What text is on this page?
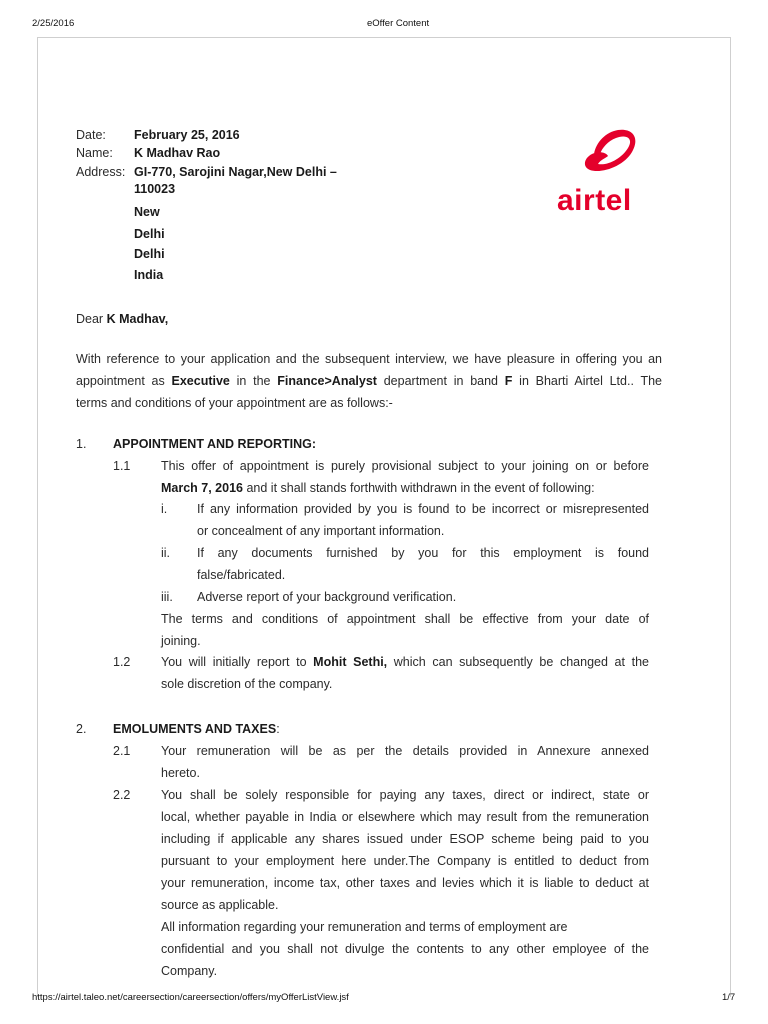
2/25/2016	eOffer Content
airtel
Date: February 25, 2016
Name: K Madhav Rao
Address: GI-770, Sarojini Nagar,New Delhi –
110023
New
Delhi
Delhi
India
Dear K Madhav,
With reference to your application and the subsequent interview, we have pleasure in offering you an
appointment as Executive in the Finance>Analyst department in band F in Bharti Airtel Ltd.. The
terms and conditions of your appointment are as follows:-
1. APPOINTMENT AND REPORTING:
1.1 This offer of appointment is purely provisional subject to your joining on or before
March 7, 2016 and it shall stands forthwith withdrawn in the event of following:
i. If any information provided by you is found to be incorrect or misrepresented
or concealment of any important information.
ii. If any documents furnished by you for this employment is found
false/fabricated.
iii. Adverse report of your background verification.
The terms and conditions of appointment shall be effective from your date of
joining.
1.2 You will initially report to Mohit Sethi, which can subsequently be changed at the
sole discretion of the company.
2. EMOLUMENTS AND TAXES:
2.1 Your remuneration will be as per the details provided in Annexure annexed
hereto.
2.2 You shall be solely responsible for paying any taxes, direct or indirect, state or
local, whether payable in India or elsewhere which may result from the remuneration
including if applicable any shares issued under ESOP scheme being paid to you
pursuant to your employment here under.The Company is entitled to deduct from
your remuneration, income tax, other taxes and levies which it is liable to deduct at
source as applicable.
All information regarding your remuneration and terms of employment are
confidential and you shall not divulge the contents to any other employee of the
Company.
https://airtel.taleo.net/careersection/careersection/offers/myOfferListView.jsf	1/7
